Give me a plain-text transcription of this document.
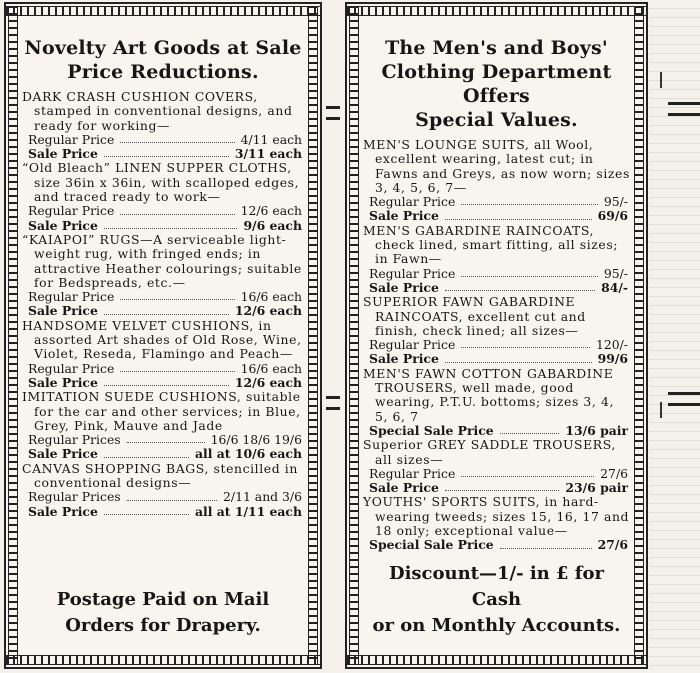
Novelty Art Goods at Sale
Price Reductions.
DARK CRASH CUSHION COVERS, stamped in conventional designs, and ready for working—
Regular Price	4/11 each
Sale Price	3/11 each
“Old Bleach” LINEN SUPPER CLOTHS, size 36in x 36in, with scalloped edges, and traced ready to work—
Regular Price	12/6 each
Sale Price	9/6 each
“KAIAPOI” RUGS—A serviceable light-weight rug, with fringed ends; in attractive Heather colourings; suitable for Bedspreads, etc.—
Regular Price	16/6 each
Sale Price	12/6 each
HANDSOME VELVET CUSHIONS, in assorted Art shades of Old Rose, Wine, Violet, Reseda, Flamingo and Peach—
Regular Price	16/6 each
Sale Price	12/6 each
IMITATION SUEDE CUSHIONS, suitable for the car and other services; in Blue, Grey, Pink, Mauve and Jade
Regular Prices	16/6 18/6 19/6
Sale Price	all at 10/6 each
CANVAS SHOPPING BAGS, stencilled in conventional designs—
Regular Prices	2/11 and 3/6
Sale Price	all at 1/11 each
Postage Paid on Mail
Orders for Drapery.
The Men's and Boys'
Clothing Department Offers
Special Values.
MEN'S LOUNGE SUITS, all Wool, excellent wearing, latest cut; in Fawns and Greys, as now worn; sizes 3, 4, 5, 6, 7—
Regular Price	95/-
Sale Price	69/6
MEN'S GABARDINE RAINCOATS, check lined, smart fitting, all sizes; in Fawn—
Regular Price	95/-
Sale Price	84/-
SUPERIOR FAWN GABARDINE RAINCOATS, excellent cut and finish, check lined; all sizes—
Regular Price	120/-
Sale Price	99/6
MEN'S FAWN COTTON GABARDINE TROUSERS, well made, good wearing, P.T.U. bottoms; sizes 3, 4, 5, 6, 7
Special Sale Price	13/6 pair
Superior GREY SADDLE TROUSERS, all sizes—
Regular Price	27/6
Sale Price	23/6 pair
YOUTHS' SPORTS SUITS, in hard-wearing tweeds; sizes 15, 16, 17 and 18 only; exceptional value—
Special Sale Price	27/6
Discount—1/- in £ for Cash
or on Monthly Accounts.
